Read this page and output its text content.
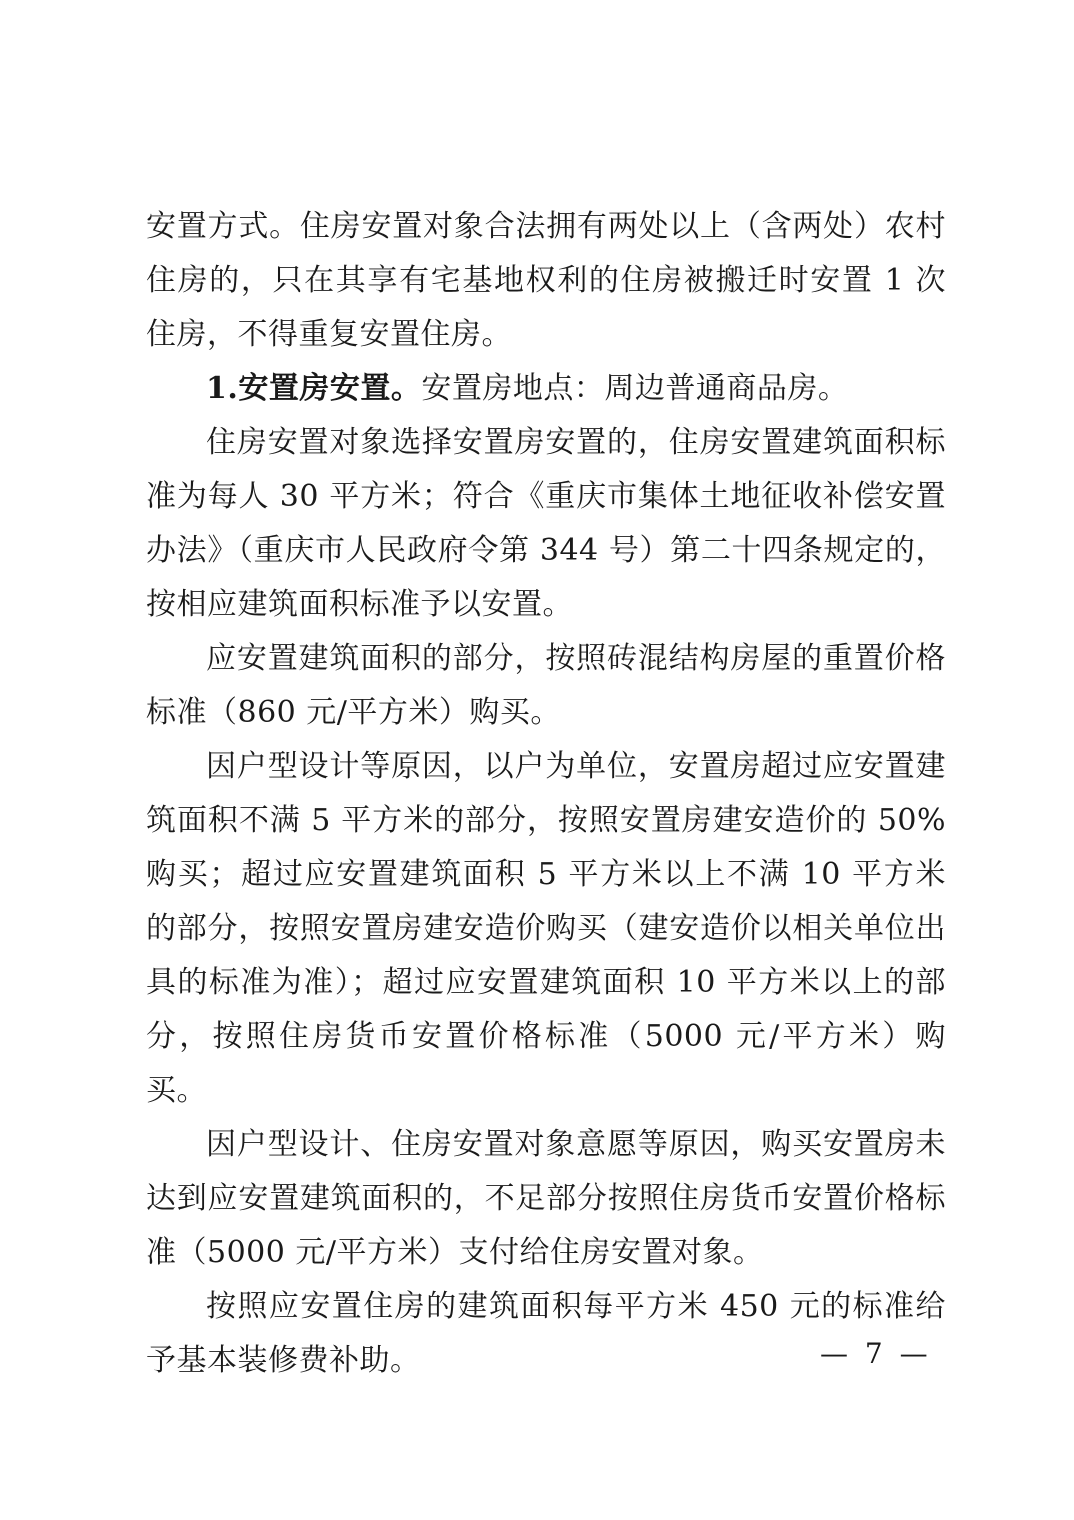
安置方式。住房安置对象合法拥有两处以上（含两处）农村住房的，只在其享有宅基地权利的住房被搬迁时安置 1 次住房，不得重复安置住房。

1.安置房安置。安置房地点：周边普通商品房。

住房安置对象选择安置房安置的，住房安置建筑面积标准为每人 30 平方米；符合《重庆市集体土地征收补偿安置办法》（重庆市人民政府令第 344 号）第二十四条规定的，按相应建筑面积标准予以安置。

应安置建筑面积的部分，按照砖混结构房屋的重置价格标准（860 元/平方米）购买。

因户型设计等原因，以户为单位，安置房超过应安置建筑面积不满 5 平方米的部分，按照安置房建安造价的 50%购买；超过应安置建筑面积 5 平方米以上不满 10 平方米的部分，按照安置房建安造价购买（建安造价以相关单位出具的标准为准）；超过应安置建筑面积 10 平方米以上的部分，按照住房货币安置价格标准（5000 元/平方米）购买。

因户型设计、住房安置对象意愿等原因，购买安置房未达到应安置建筑面积的，不足部分按照住房货币安置价格标准（5000 元/平方米）支付给住房安置对象。

按照应安置住房的建筑面积每平方米 450 元的标准给予基本装修费补助。	— 7 —
